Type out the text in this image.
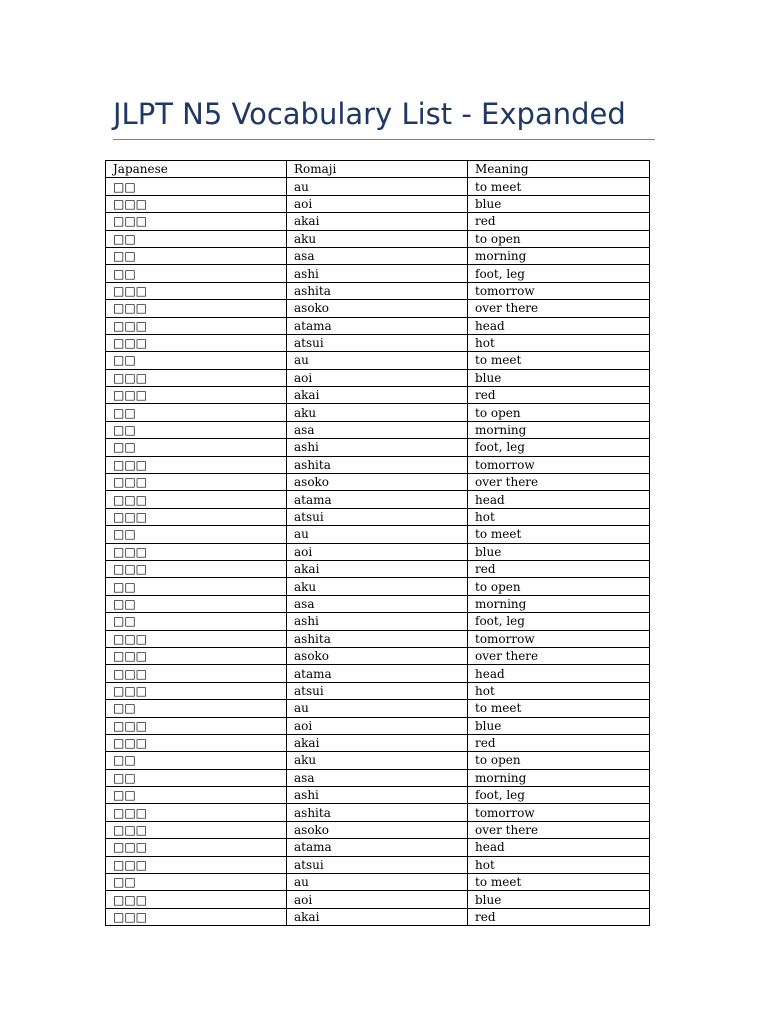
JLPT N5 Vocabulary List - Expanded
Japanese	Romaji	Meaning
□□	au	to meet
□□□	aoi	blue
□□□	akai	red
□□	aku	to open
□□	asa	morning
□□	ashi	foot, leg
□□□	ashita	tomorrow
□□□	asoko	over there
□□□	atama	head
□□□	atsui	hot
□□	au	to meet
□□□	aoi	blue
□□□	akai	red
□□	aku	to open
□□	asa	morning
□□	ashi	foot, leg
□□□	ashita	tomorrow
□□□	asoko	over there
□□□	atama	head
□□□	atsui	hot
□□	au	to meet
□□□	aoi	blue
□□□	akai	red
□□	aku	to open
□□	asa	morning
□□	ashi	foot, leg
□□□	ashita	tomorrow
□□□	asoko	over there
□□□	atama	head
□□□	atsui	hot
□□	au	to meet
□□□	aoi	blue
□□□	akai	red
□□	aku	to open
□□	asa	morning
□□	ashi	foot, leg
□□□	ashita	tomorrow
□□□	asoko	over there
□□□	atama	head
□□□	atsui	hot
□□	au	to meet
□□□	aoi	blue
□□□	akai	red
